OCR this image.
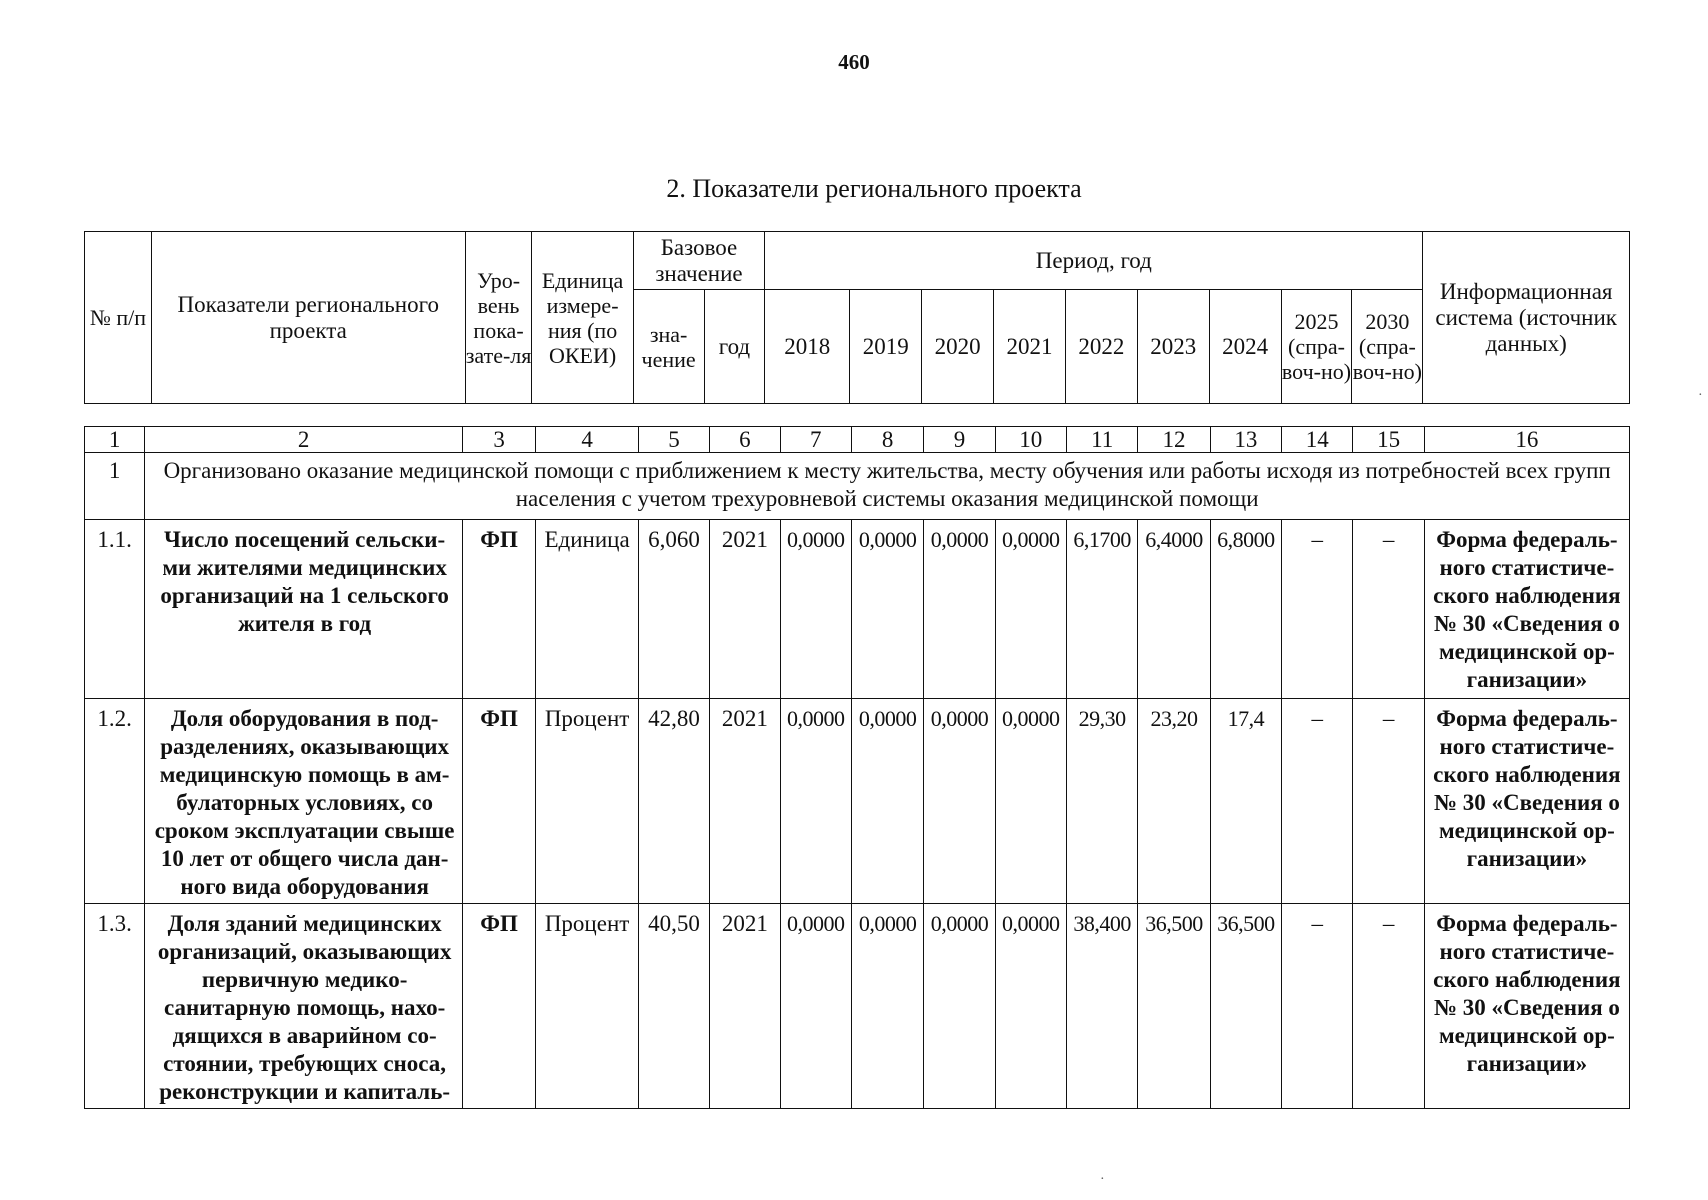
460
2. Показатели регионального проекта
№ п/п	Показатели регионального проекта	Уро-вень пока-зате-ля	Единица измере-ния (по ОКЕИ)	Базовое значение		Период, год									Информационная система (источник данных)
				зна-чение	год	2018	2019	2020	2021	2022	2023	2024	2025 (спра-воч-но)	2030 (спра-воч-но)	
1	2	3	4	5	6	7	8	9	10	11	12	13	14	15	16
1	Организовано оказание медицинской помощи с приближением к месту жительства, месту обучения или работы исходя из потребностей всех групп населения с учетом трехуровневой системы оказания медицинской помощи														
1.1.	Число посещений сельски-ми жителями медицинских организаций на 1 сельского жителя в год	ФП	Единица	6,060	2021	0,0000	0,0000	0,0000	0,0000	6,1700	6,4000	6,8000	–	–	Форма федераль-ного статистиче-ского наблюдения № 30 «Сведения о медицинской ор-ганизации»
1.2.	Доля оборудования в под-разделениях, оказывающих медицинскую помощь в ам-булаторных условиях, со сроком эксплуатации свыше 10 лет от общего числа дан-ного вида оборудования	ФП	Процент	42,80	2021	0,0000	0,0000	0,0000	0,0000	29,30	23,20	17,4	–	–	Форма федераль-ного статистиче-ского наблюдения № 30 «Сведения о медицинской ор-ганизации»
1.3.	Доля зданий медицинских организаций, оказывающих первичную медико-санитарную помощь, нахо-дящихся в аварийном со-стоянии, требующих сноса, реконструкции и капиталь-	ФП	Процент	40,50	2021	0,0000	0,0000	0,0000	0,0000	38,400	36,500	36,500	–	–	Форма федераль-ного статистиче-ского наблюдения № 30 «Сведения о медицинской ор-ганизации»
·
·
